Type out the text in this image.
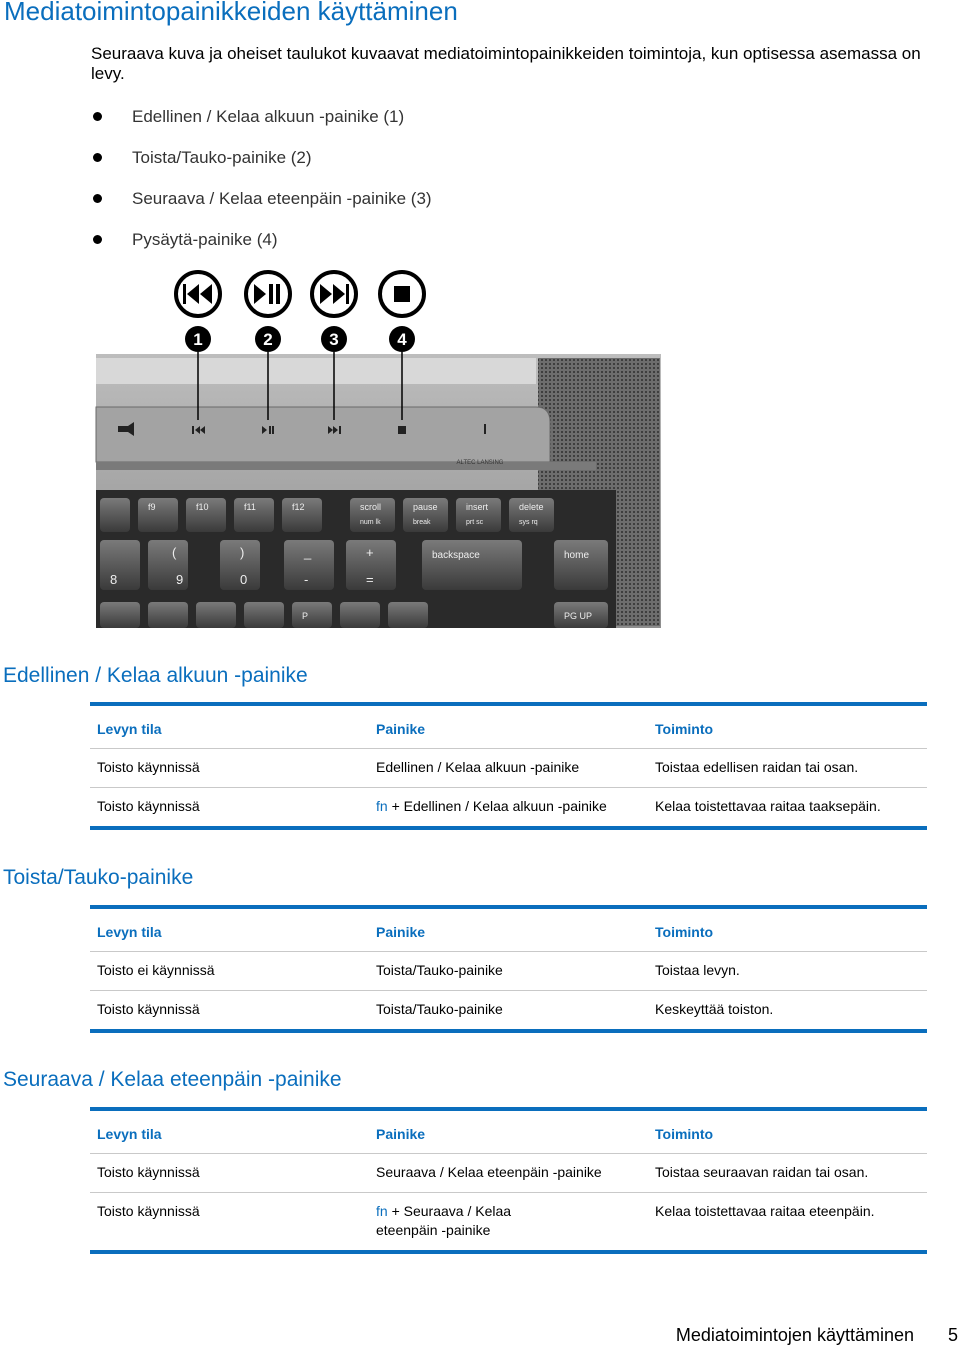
Mediatoimintopainikkeiden käyttäminen

Seuraava kuva ja oheiset taulukot kuvaavat mediatoimintopainikkeiden toimintoja, kun optisessa asemassa on levy.

Edellinen / Kelaa alkuun -painike (1)
Toista/Tauko-painike (2)
Seuraava / Kelaa eteenpäin -painike (3)
Pysäytä-painike (4)
1	2	3	4
ALTEC LANSING
f9	f10	f11	f12	scroll
num lk
pause
break
insert
prt sc
delete
sys rq
(
8	9
)
0
_
-
+
=
backspace	home
P	PG UP
Edellinen / Kelaa alkuun -painike
Levyn tila	Painike	Toiminto
Toisto käynnissä	Edellinen / Kelaa alkuun -painike	Toistaa edellisen raidan tai osan.
Toisto käynnissä	fn + Edellinen / Kelaa alkuun -painike	Kelaa toistettavaa raitaa taaksepäin.
Toista/Tauko-painike
Levyn tila	Painike	Toiminto
Toisto ei käynnissä	Toista/Tauko-painike	Toistaa levyn.
Toisto käynnissä	Toista/Tauko-painike	Keskeyttää toiston.
Seuraava / Kelaa eteenpäin -painike
Levyn tila	Painike	Toiminto
Toisto käynnissä	Seuraava / Kelaa eteenpäin -painike	Toistaa seuraavan raidan tai osan.
Toisto käynnissä	fn + Seuraava / Kelaa eteenpäin -painike	Kelaa toistettavaa raitaa eteenpäin.
Mediatoimintojen käyttäminen 5
